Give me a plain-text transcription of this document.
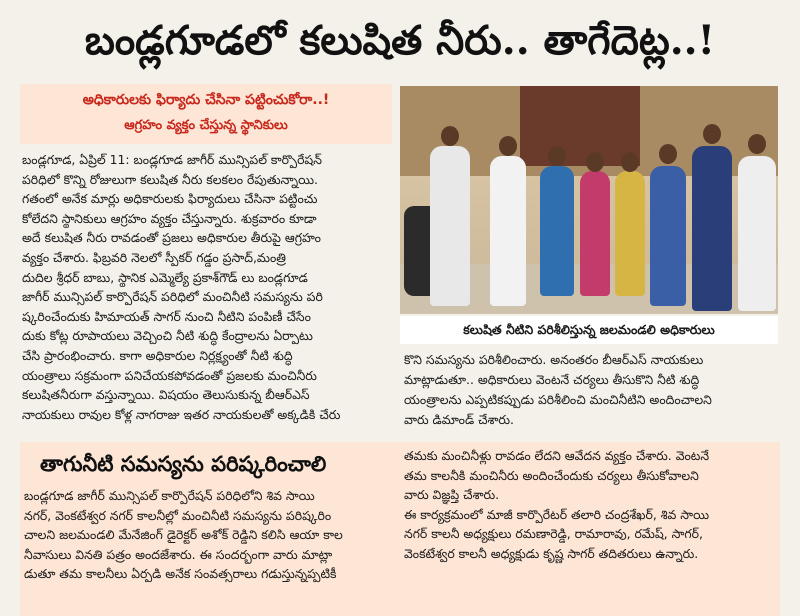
బండ్లగూడలో కలుషిత నీరు.. తాగేదెట్ల..!
అధికారులకు ఫిర్యాదు చేసినా పట్టించుకోరా..!
ఆగ్రహం వ్యక్తం చేస్తున్న స్థానికులు
బండ్లగూడ, ఏప్రిల్ 11: బండ్లగూడ జాగీర్ మున్సిపల్ కార్పొరేషన్
పరిధిలో కొన్ని రోజులుగా కలుషిత నీరు కలకలం రేపుతున్నాయి.
గతంలో అనేక మార్లు అధికారులకు ఫిర్యాదులు చేసినా పట్టించు
కోలేదని స్థానికులు ఆగ్రహం వ్యక్తం చేస్తున్నారు. శుక్రవారం కూడా
అదే కలుషిత నీరు రావడంతో ప్రజలు అధికారుల తీరుపై ఆగ్రహం
వ్యక్తం చేశారు. ఫిబ్రవరి నెలలో స్పీకర్ గడ్డం ప్రసాద్,మంత్రి
దుదిల శ్రీధర్ బాబు, స్థానిక ఎమ్మెల్యే ప్రకాశ్‌గౌడ్ లు బండ్లగూడ
జాగీర్ మున్సిపల్ కార్పొరేషన్ పరిధిలో మంచినీటి సమస్యను పరి
ష్కరించేందుకు హిమాయత్ సాగర్ నుంచి నీటిని పంపిణీ చేసేం
దుకు కోట్ల రూపాయలు వెచ్చించి నీటి శుద్ధి కేంద్రాలను ఏర్పాటు
చేసి ప్రారంభించారు. కాగా అధికారుల నిర్లక్ష్యంతో నీటి శుద్ధి
యంత్రాలు సక్రమంగా పనిచేయకపోవడంతో ప్రజలకు మంచినీరు
కలుషితనీరుగా వస్తున్నాయి. విషయం తెలుసుకున్న బీఆర్ఎస్
నాయకులు రావుల కోళ్ల నాగరాజు ఇతర నాయకులతో అక్కడికి చేరు
కలుషిత నీటిని పరిశీలిస్తున్న జలమండలి అధికారులు
కొని సమస్యను పరిశీలించారు. అనంతరం బీఆర్ఎస్ నాయకులు
మాట్లాడుతూ.. అధికారులు వెంటనే చర్యలు తీసుకొని నీటి శుద్ధి
యంత్రాలను ఎప్పటికప్పుడు పరిశీలించి మంచినీటిని అందించాలని
వారు డిమాండ్ చేశారు.
తాగునీటి సమస్యను పరిష్కరించాలి
బండ్లగూడ జాగీర్ మున్సిపల్ కార్పొరేషన్ పరిధిలోని శివ సాయి
నగర్, వెంకటేశ్వర నగర్ కాలనీల్లో మంచినీటి సమస్యను పరిష్కరిం
చాలని జలమండలి మేనేజింగ్ డైరెక్టర్ అశోక్ రెడ్డిని కలిసి ఆయా కాల
నీవాసులు వినతి పత్రం అందజేశారు. ఈ సందర్భంగా వారు మాట్లా
డుతూ తమ కాలనీలు ఏర్పడి అనేక సంవత్సరాలు గడుస్తున్నప్పటికీ
తమకు మంచినీళ్లు రావడం లేదని ఆవేదన వ్యక్తం చేశారు. వెంటనే
తమ కాలనీకి మంచినీరు అందించేందుకు చర్యలు తీసుకోవాలని
వారు విజ్ఞప్తి చేశారు.
ఈ కార్యక్రమంలో మాజీ కార్పొరేటర్ తలారి చంద్రశేఖర్, శివ సాయి
నగర్ కాలనీ అధ్యక్షులు రమణారెడ్డి, రామారావు, రమేష్, సాగర్,
వెంకటేశ్వర కాలనీ అధ్యక్షుడు కృష్ణ సాగర్ తదితరులు ఉన్నారు.
